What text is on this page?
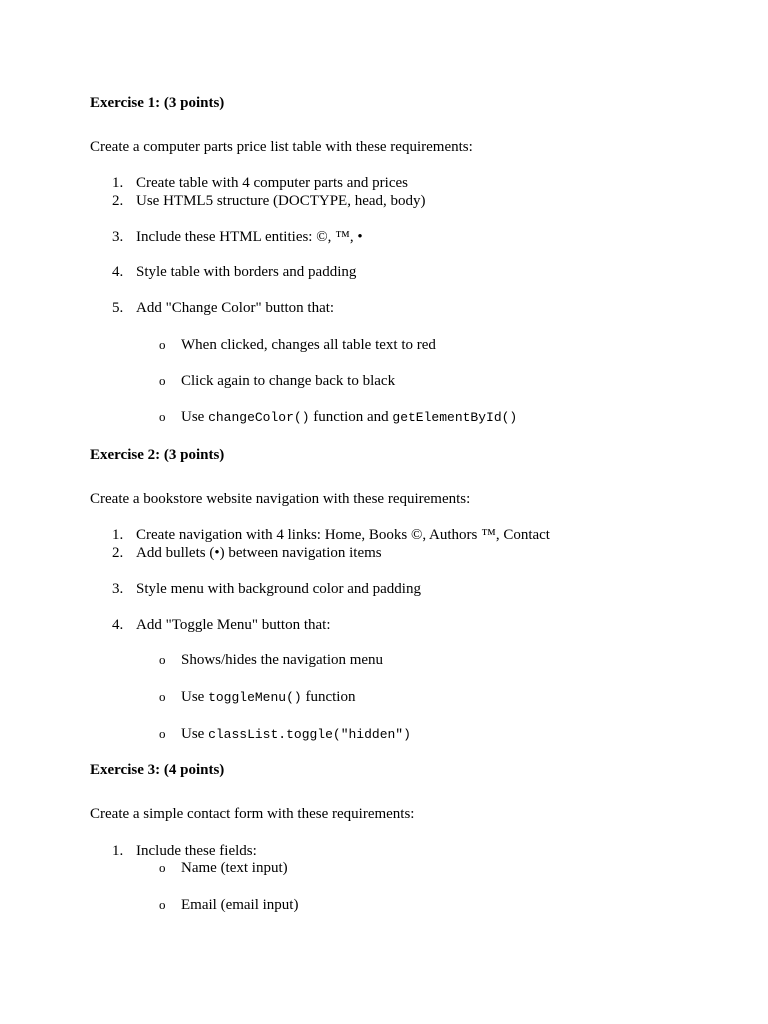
Exercise 1: (3 points)
Create a computer parts price list table with these requirements:
1. Create table with 4 computer parts and prices
2. Use HTML5 structure (DOCTYPE, head, body)
3. Include these HTML entities: ©, ™, •
4. Style table with borders and padding
5. Add "Change Color" button that:
o When clicked, changes all table text to red
o Click again to change back to black
o Use changeColor() function and getElementById()
Exercise 2: (3 points)
Create a bookstore website navigation with these requirements:
1. Create navigation with 4 links: Home, Books ©, Authors ™, Contact
2. Add bullets (•) between navigation items
3. Style menu with background color and padding
4. Add "Toggle Menu" button that:
o Shows/hides the navigation menu
o Use toggleMenu() function
o Use classList.toggle("hidden")
Exercise 3: (4 points)
Create a simple contact form with these requirements:
1. Include these fields:
o Name (text input)
o Email (email input)
